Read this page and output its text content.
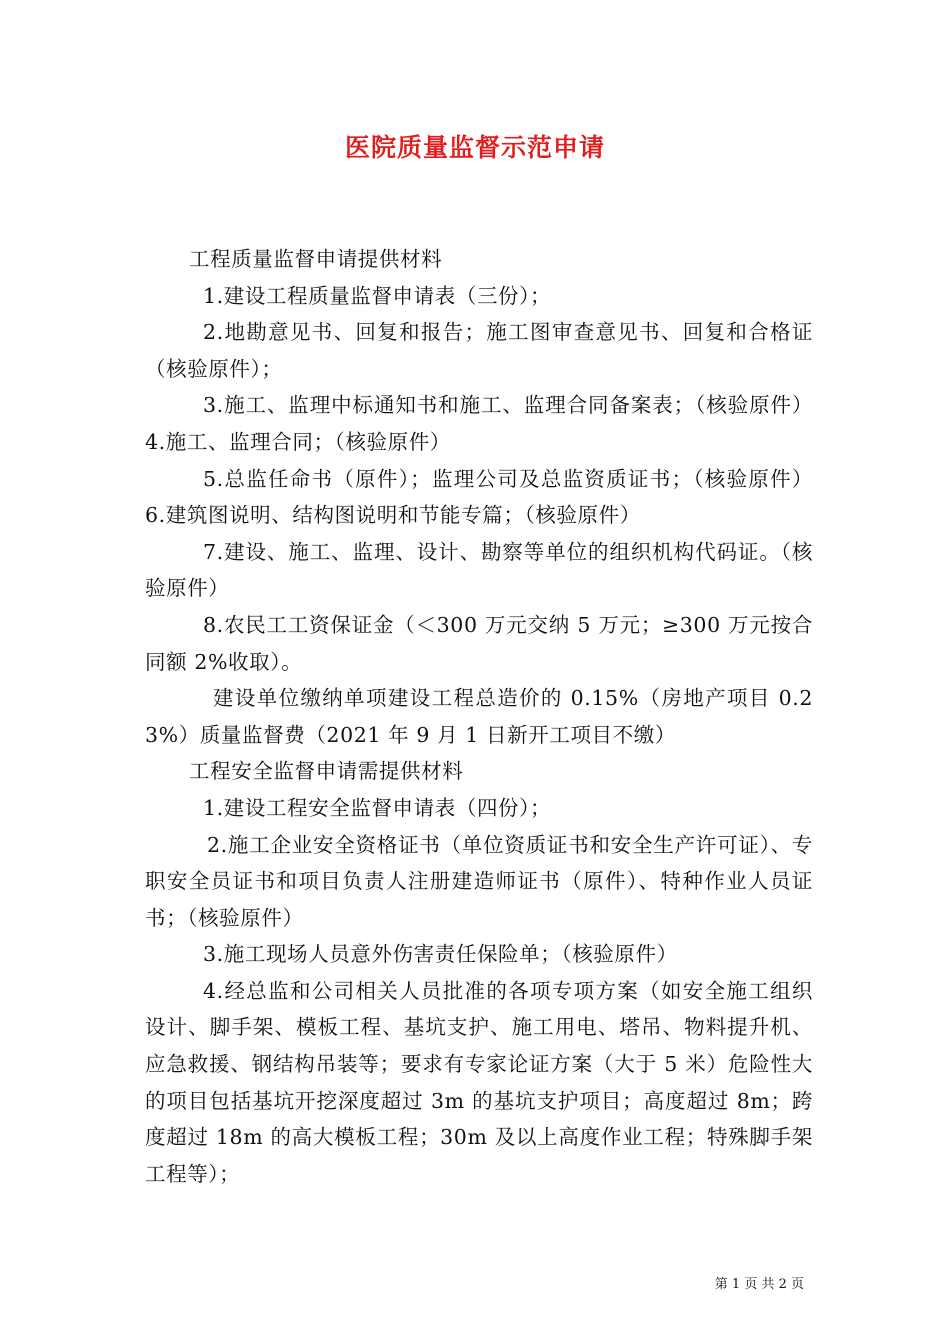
医院质量监督示范申请

工程质量监督申请提供材料

1.建设工程质量监督申请表（三份）；

2.地勘意见书、回复和报告；施工图审查意见书、回复和合格证（核验原件）；

3.施工、监理中标通知书和施工、监理合同备案表；（核验原件） 4.施工、监理合同；（核验原件）

5.总监任命书（原件）；监理公司及总监资质证书；（核验原件） 6.建筑图说明、结构图说明和节能专篇；（核验原件）

7.建设、施工、监理、设计、勘察等单位的组织机构代码证。（核验原件）

8.农民工工资保证金（＜300 万元交纳 5 万元；≥300 万元按合同额 2%收取）。

建设单位缴纳单项建设工程总造价的 0.15%（房地产项目 0.23%）质量监督费（2021 年 9 月 1 日新开工项目不缴）

工程安全监督申请需提供材料

1.建设工程安全监督申请表（四份）；

2.施工企业安全资格证书（单位资质证书和安全生产许可证）、专职安全员证书和项目负责人注册建造师证书（原件）、特种作业人员证书；（核验原件）

3.施工现场人员意外伤害责任保险单；（核验原件）

4.经总监和公司相关人员批准的各项专项方案（如安全施工组织设计、脚手架、模板工程、基坑支护、施工用电、塔吊、物料提升机、应急救援、钢结构吊装等；要求有专家论证方案（大于 5 米）危险性大的项目包括基坑开挖深度超过 3m 的基坑支护项目；高度超过 8m；跨度超过 18m 的高大模板工程；30m 及以上高度作业工程；特殊脚手架工程等）；

第 1 页 共 2 页
